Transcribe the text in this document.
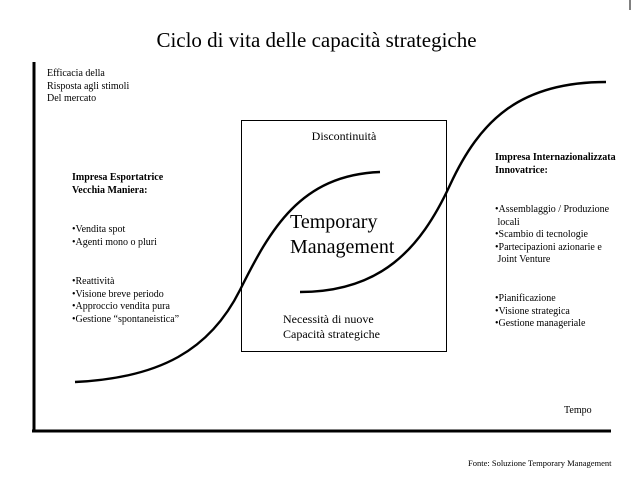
Ciclo di vita delle capacità strategiche
Efficacia della
Risposta agli stimoli
Del mercato
Discontinuità
Temporary
Management
Necessità di nuove
Capacità strategiche
Impresa Esportatrice
Vecchia Maniera:
•Vendita spot
•Agenti mono o pluri
•Reattività
•Visione breve periodo
•Approccio vendita pura
•Gestione “spontaneistica”
Impresa Internazionalizzata
Innovatrice:
•Assemblaggio / Produzione
locali
•Scambio di tecnologie
•Partecipazioni azionarie e
Joint Venture
•Pianificazione
•Visione strategica
•Gestione manageriale
Tempo
Fonte: Soluzione Temporary Management
